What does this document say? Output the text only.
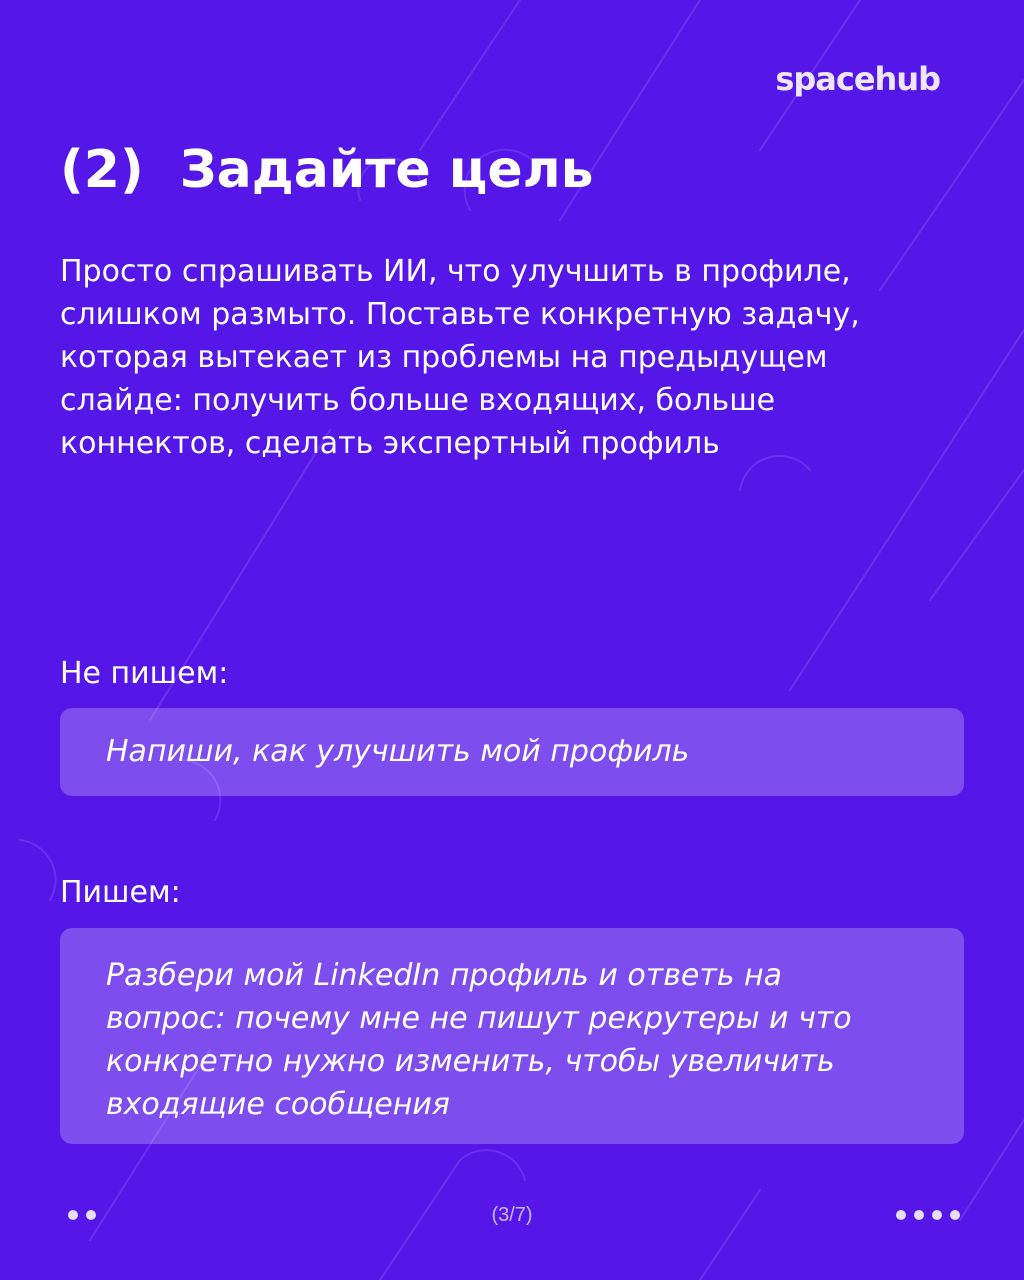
spacehub
(2) Задайте цель
Просто спрашивать ИИ, что улучшить в профиле,
слишком размыто. Поставьте конкретную задачу,
которая вытекает из проблемы на предыдущем
слайде: получить больше входящих, больше
коннектов, сделать экспертный профиль
Не пишем:
Напиши, как улучшить мой профиль
Пишем:
Разбери мой LinkedIn профиль и ответь на
вопрос: почему мне не пишут рекрутеры и что
конкретно нужно изменить, чтобы увеличить
входящие сообщения
(3/7)
